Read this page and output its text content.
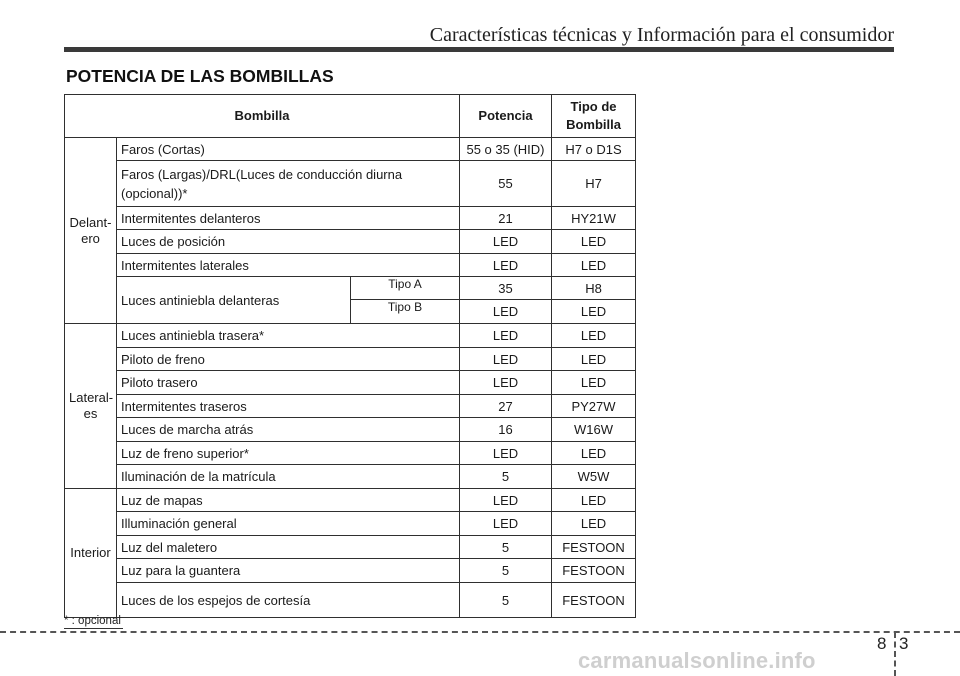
Características técnicas y Información para el consumidor
POTENCIA DE LAS BOMBILLAS
Bombilla			Potencia	Tipo de
Bombilla
Delant-
ero	Faros (Cortas)		55 o 35 (HID)	H7 o D1S
	Faros (Largas)/DRL(Luces de conducción diurna
(opcional))*		55	H7
	Intermitentes delanteros		21	HY21W
	Luces de posición		LED	LED
	Intermitentes laterales		LED	LED
	Luces antiniebla delanteras	Tipo A	35	H8
		Tipo B	LED	LED
Lateral-
es	Luces antiniebla trasera*		LED	LED
	Piloto de freno		LED	LED
	Piloto trasero		LED	LED
	Intermitentes traseros		27	PY27W
	Luces de marcha atrás		16	W16W
	Luz de freno superior*		LED	LED
	Iluminación de la matrícula		5	W5W
Interior	Luz de mapas		LED	LED
	Illuminación general		LED	LED
	Luz del maletero		5	FESTOON
	Luz para la guantera		5	FESTOON
	Luces de los espejos de cortesía		5	FESTOON
* : opcional
8 3
carmanualsonline.info
